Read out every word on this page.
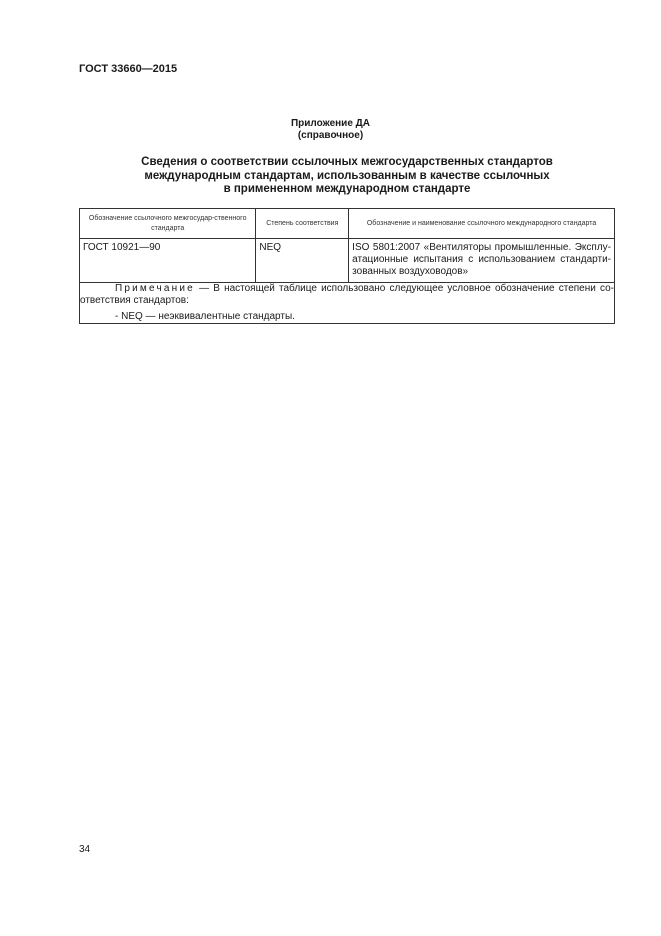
ГОСТ 33660—2015
Приложение ДА
(справочное)
Сведения о соответствии ссылочных межгосударственных стандартов
международным стандартам, использованным в качестве ссылочных
в примененном международном стандарте
Обозначение ссылочного межгосудар-ственного стандарта	Степень соответствия	Обозначение и наименование ссылочного международного стандарта
ГОСТ 10921—90	NEQ	ISO 5801:2007 «Вентиляторы промышленные. Эксплу-атационные испытания с использованием стандарти-зованных воздуховодов»

Примечание — В настоящей таблице использовано следующее условное обозначение степени со-ответствия стандартов:
- NEQ — неэквивалентные стандарты.		
34
